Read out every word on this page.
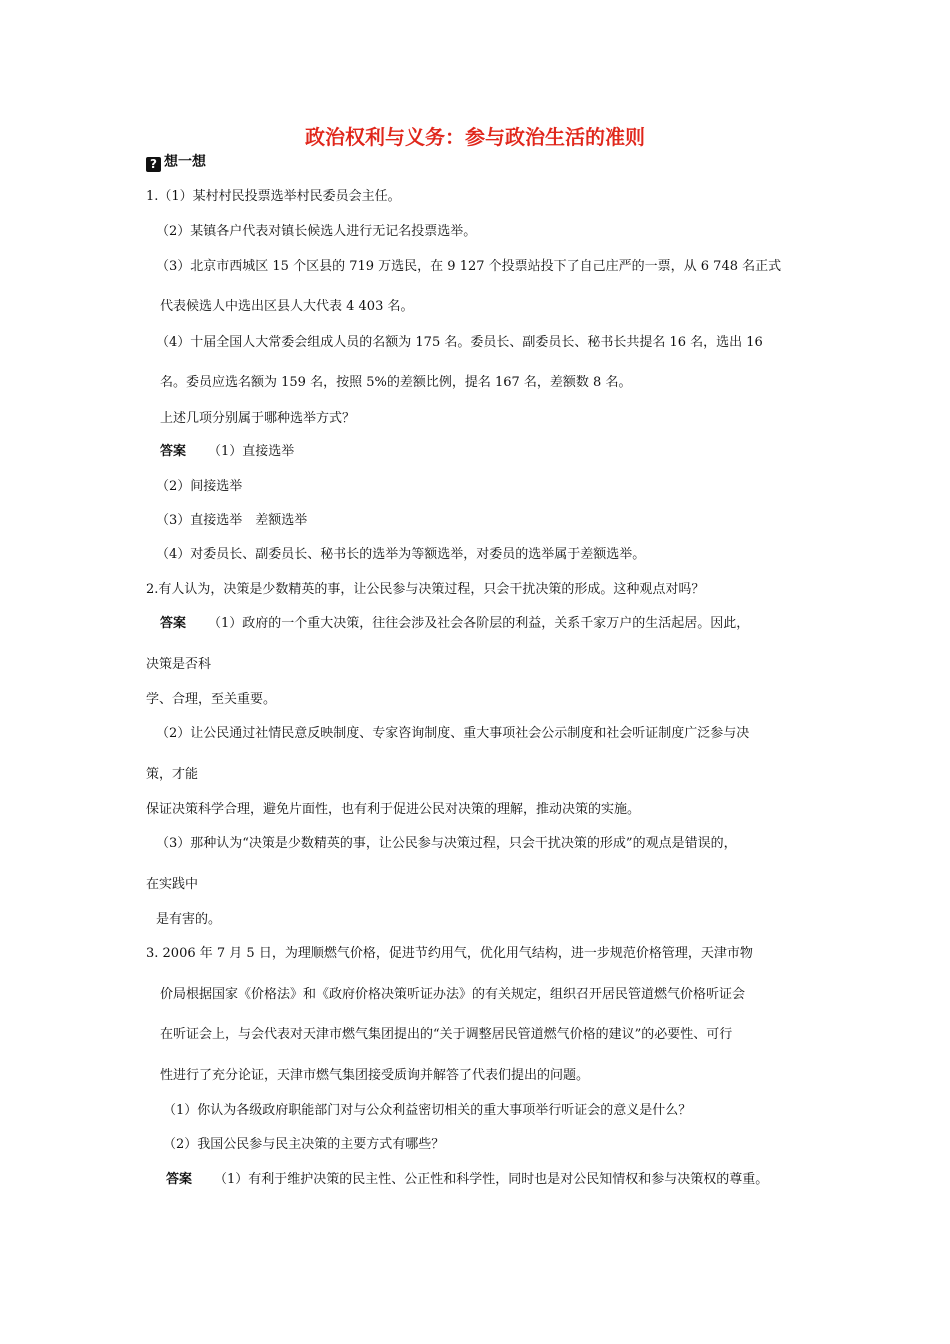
政治权利与义务：参与政治生活的准则
? 想一想
1.（1）某村村民投票选举村民委员会主任。
（2）某镇各户代表对镇长候选人进行无记名投票选举。
（3）北京市西城区 15 个区县的 719 万选民，在 9 127 个投票站投下了自己庄严的一票，从 6 748 名正式
代表候选人中选出区县人大代表 4 403 名。
（4）十届全国人大常委会组成人员的名额为 175 名。委员长、副委员长、秘书长共提名 16 名，选出 16
名。委员应选名额为 159 名，按照 5%的差额比例，提名 167 名，差额数 8 名。
上述几项分别属于哪种选举方式？
答案 （1）直接选举
（2）间接选举
（3）直接选举　差额选举
（4）对委员长、副委员长、秘书长的选举为等额选举，对委员的选举属于差额选举。
2.有人认为，决策是少数精英的事，让公民参与决策过程，只会干扰决策的形成。这种观点对吗？
答案 （1）政府的一个重大决策，往往会涉及社会各阶层的利益，关系千家万户的生活起居。因此，
决策是否科
学、合理，至关重要。
（2）让公民通过社情民意反映制度、专家咨询制度、重大事项社会公示制度和社会听证制度广泛参与决
策，才能
保证决策科学合理，避免片面性，也有利于促进公民对决策的理解，推动决策的实施。
（3）那种认为“决策是少数精英的事，让公民参与决策过程，只会干扰决策的形成”的观点是错误的，
在实践中
是有害的。
3. 2006 年 7 月 5 日，为理顺燃气价格，促进节约用气，优化用气结构，进一步规范价格管理，天津市物
价局根据国家《价格法》和《政府价格决策听证办法》的有关规定，组织召开居民管道燃气价格听证会
在听证会上，与会代表对天津市燃气集团提出的“关于调整居民管道燃气价格的建议”的必要性、可行
性进行了充分论证，天津市燃气集团接受质询并解答了代表们提出的问题。
（1）你认为各级政府职能部门对与公众利益密切相关的重大事项举行听证会的意义是什么？
（2）我国公民参与民主决策的主要方式有哪些？
答案 （1）有利于维护决策的民主性、公正性和科学性，同时也是对公民知情权和参与决策权的尊重。
